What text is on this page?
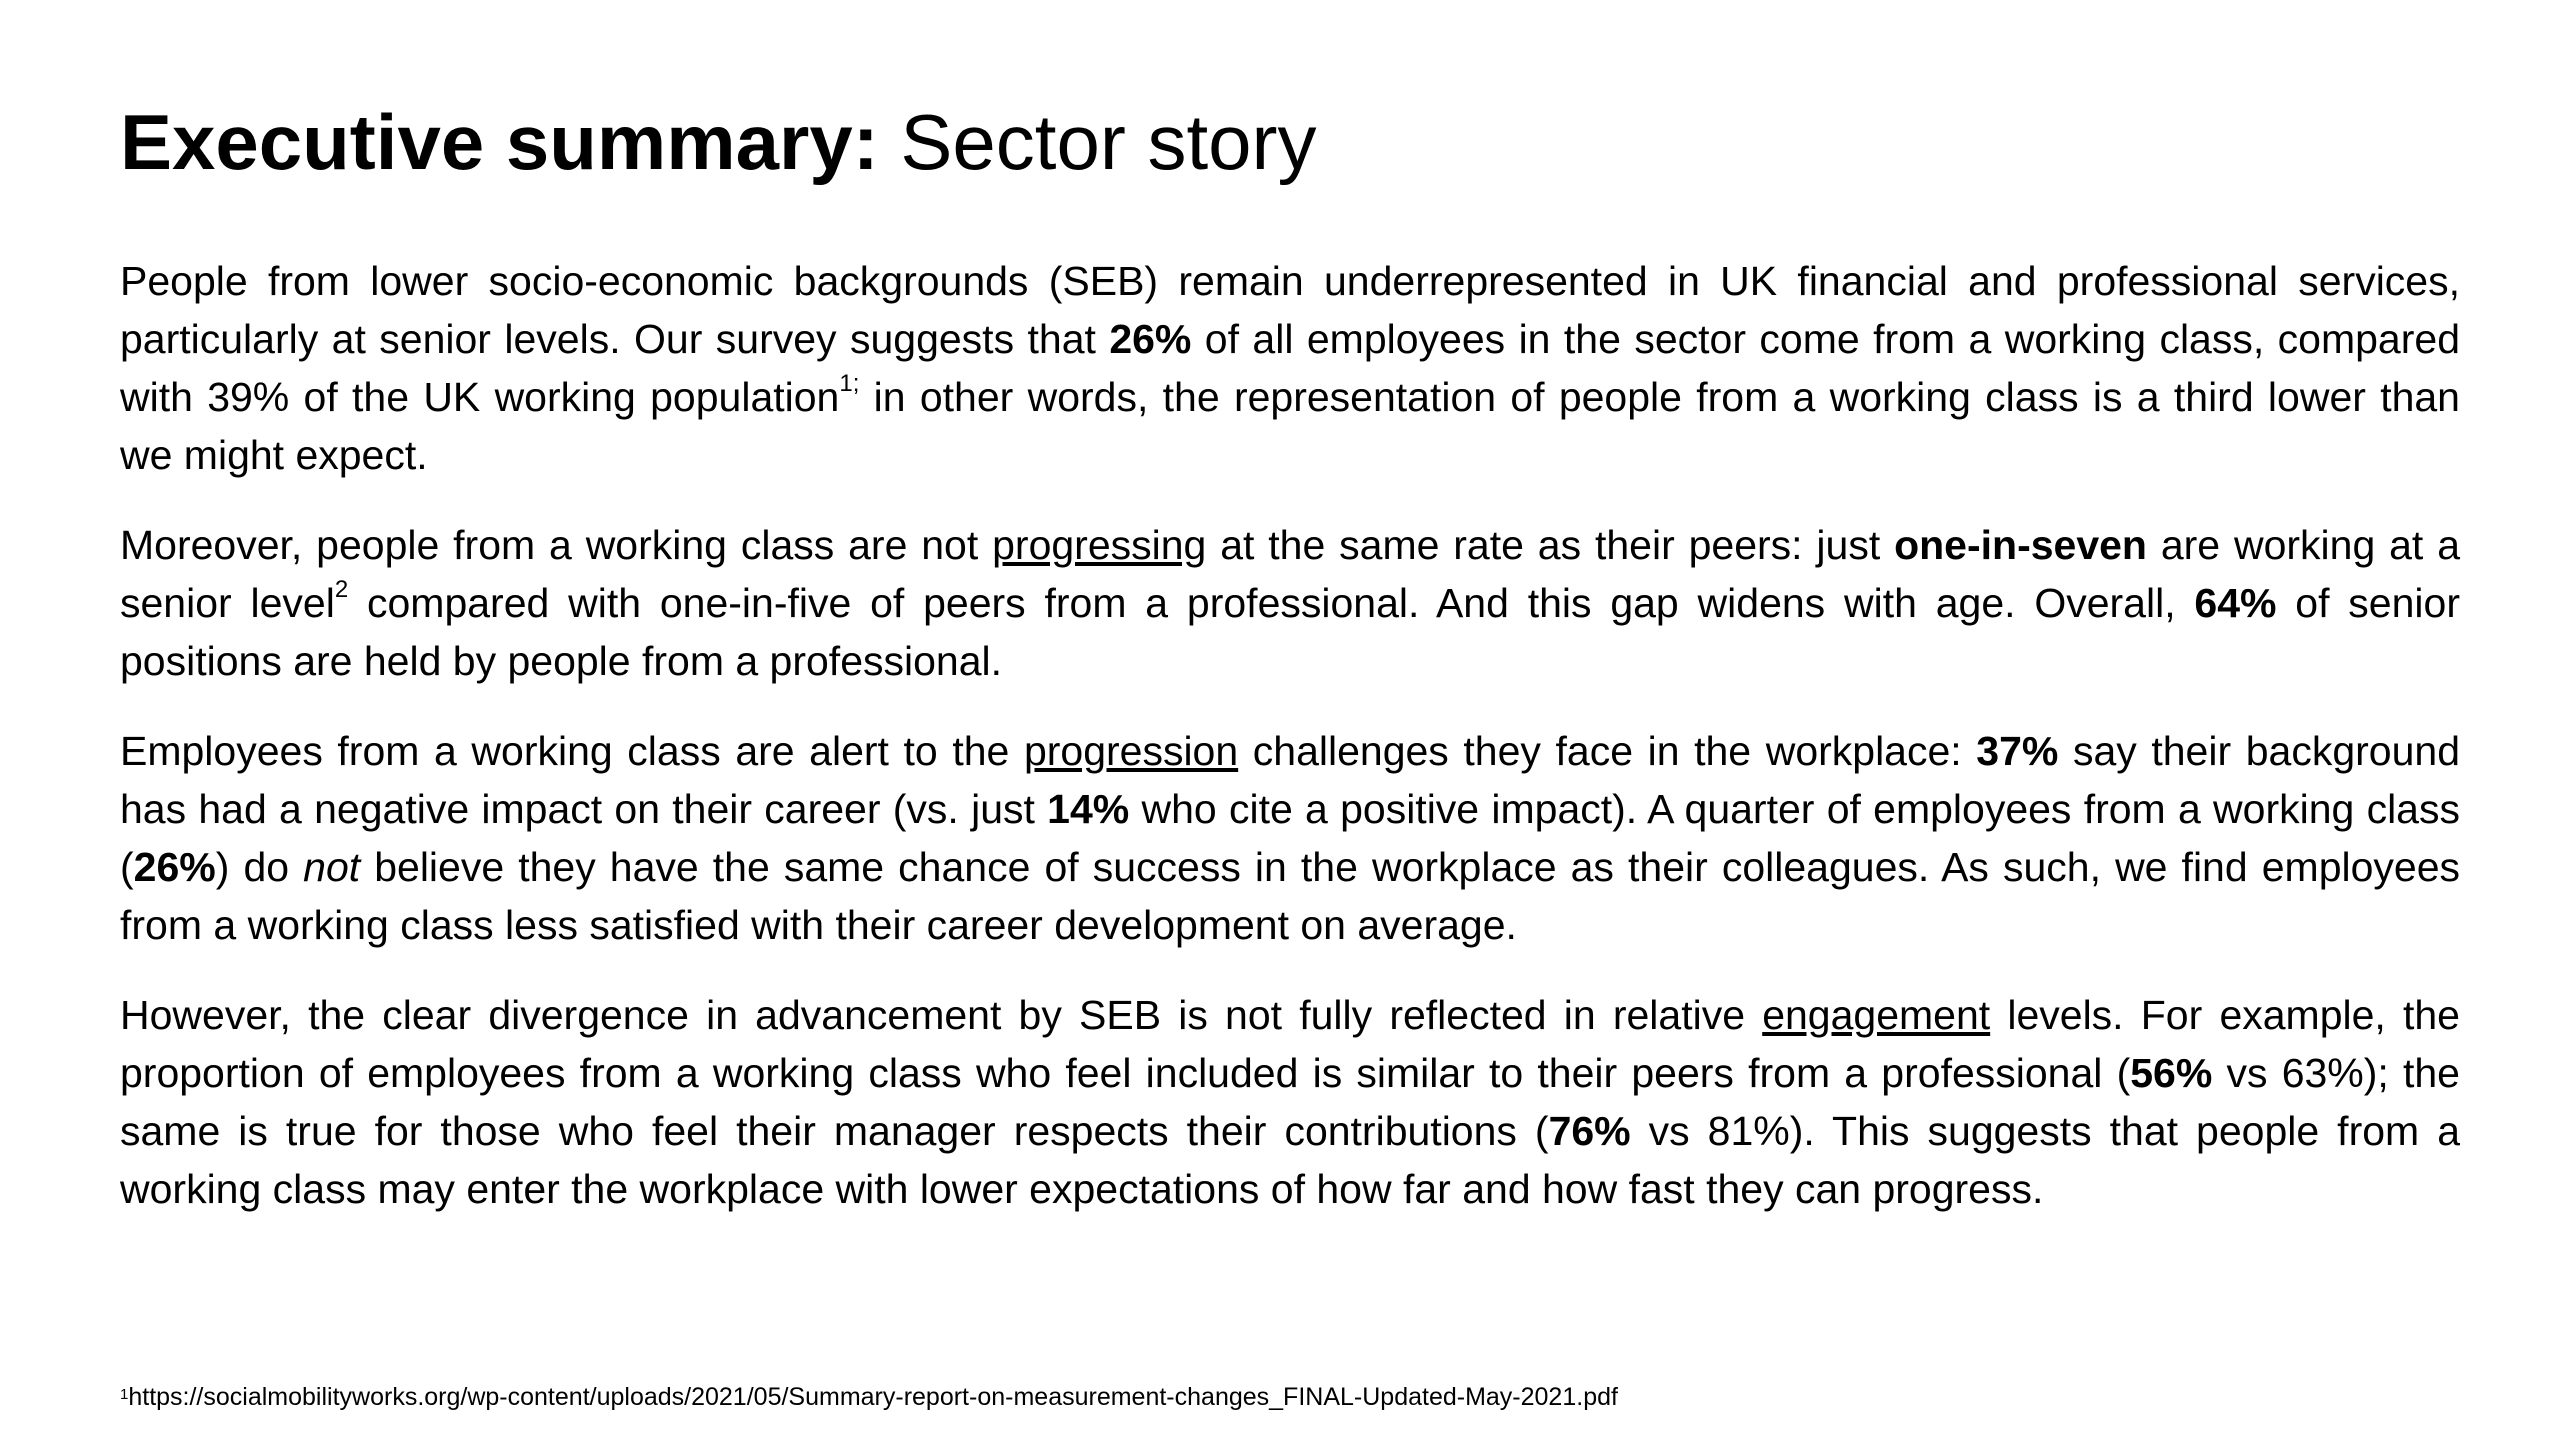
Executive summary: Sector story

People from lower socio-economic backgrounds (SEB) remain underrepresented in UK financial and professional services, particularly at senior levels. Our survey suggests that 26% of all employees in the sector come from a working class, compared with 39% of the UK working population$^{1;}$ in other words, the representation of people from a working class is a third lower than we might expect.

Moreover, people from a working class are not progressing at the same rate as their peers: just one-in-seven are working at a senior level$^2$ compared with one-in-five of peers from a professional. And this gap widens with age. Overall, 64% of senior positions are held by people from a professional.

Employees from a working class are alert to the progression challenges they face in the workplace: 37% say their background has had a negative impact on their career (vs. just 14% who cite a positive impact). A quarter of employees from a working class (26%) do not believe they have the same chance of success in the workplace as their colleagues. As such, we find employees from a working class less satisfied with their career development on average.

However, the clear divergence in advancement by SEB is not fully reflected in relative engagement levels. For example, the proportion of employees from a working class who feel included is similar to their peers from a professional (56% vs 63%); the same is true for those who feel their manager respects their contributions (76% vs 81%). This suggests that people from a working class may enter the workplace with lower expectations of how far and how fast they can progress.

$^1$https://socialmobilityworks.org/wp-content/uploads/2021/05/Summary-report-on-measurement-changes_FINAL-Updated-May-2021.pdf
